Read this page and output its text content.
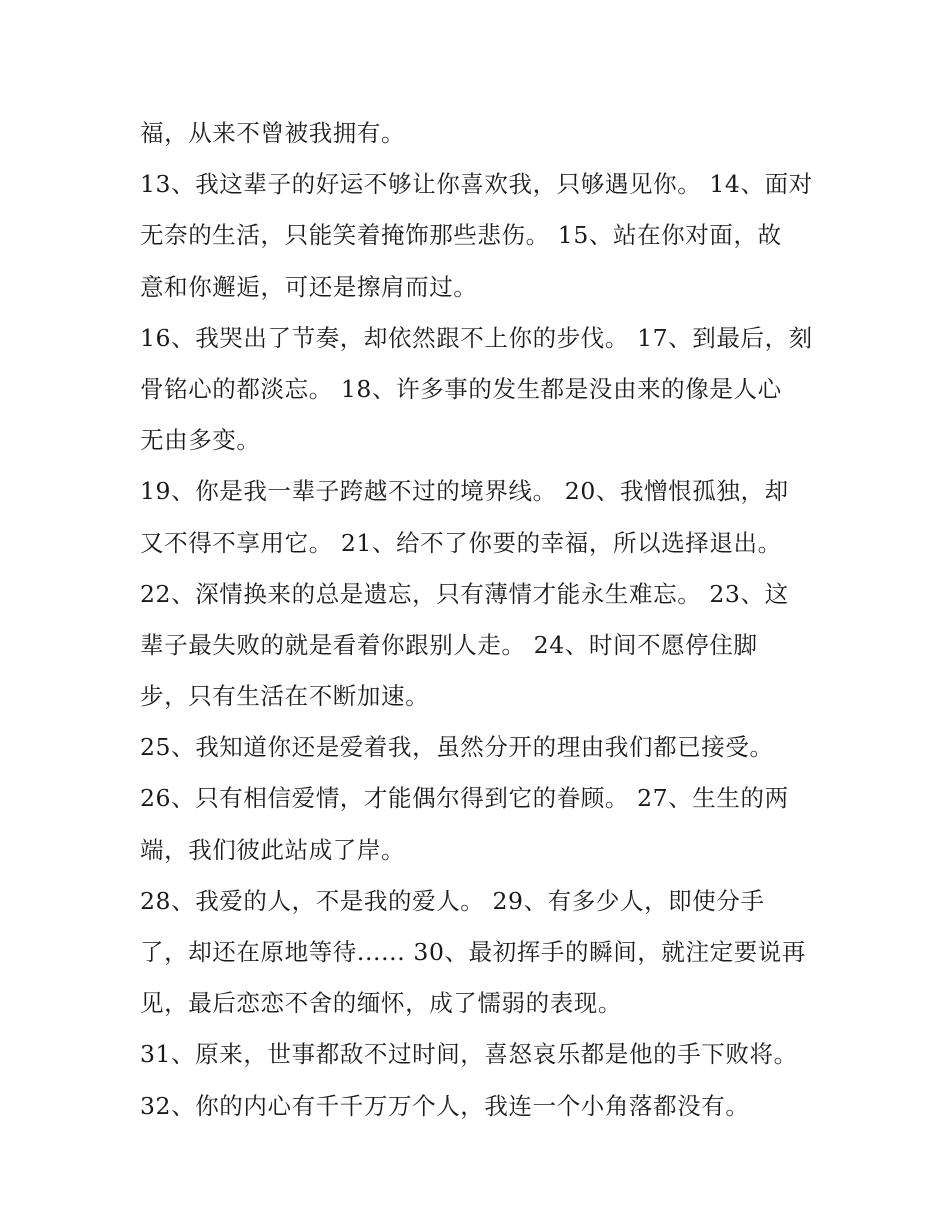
福，从来不曾被我拥有。
13、我这辈子的好运不够让你喜欢我，只够遇见你。 14、面对
无奈的生活，只能笑着掩饰那些悲伤。 15、站在你对面，故
意和你邂逅，可还是擦肩而过。
16、我哭出了节奏，却依然跟不上你的步伐。 17、到最后，刻
骨铭心的都淡忘。 18、许多事的发生都是没由来的像是人心
无由多变。
19、你是我一辈子跨越不过的境界线。 20、我憎恨孤独，却
又不得不享用它。 21、给不了你要的幸福，所以选择退出。
22、深情换来的总是遗忘，只有薄情才能永生难忘。 23、这
辈子最失败的就是看着你跟别人走。 24、时间不愿停住脚
步，只有生活在不断加速。
25、我知道你还是爱着我，虽然分开的理由我们都已接受。
26、只有相信爱情，才能偶尔得到它的眷顾。 27、生生的两
端，我们彼此站成了岸。
28、我爱的人，不是我的爱人。 29、有多少人，即使分手
了，却还在原地等待...... 30、最初挥手的瞬间，就注定要说再
见，最后恋恋不舍的缅怀，成了懦弱的表现。
31、原来，世事都敌不过时间，喜怒哀乐都是他的手下败将。
32、你的内心有千千万万个人，我连一个小角落都没有。
